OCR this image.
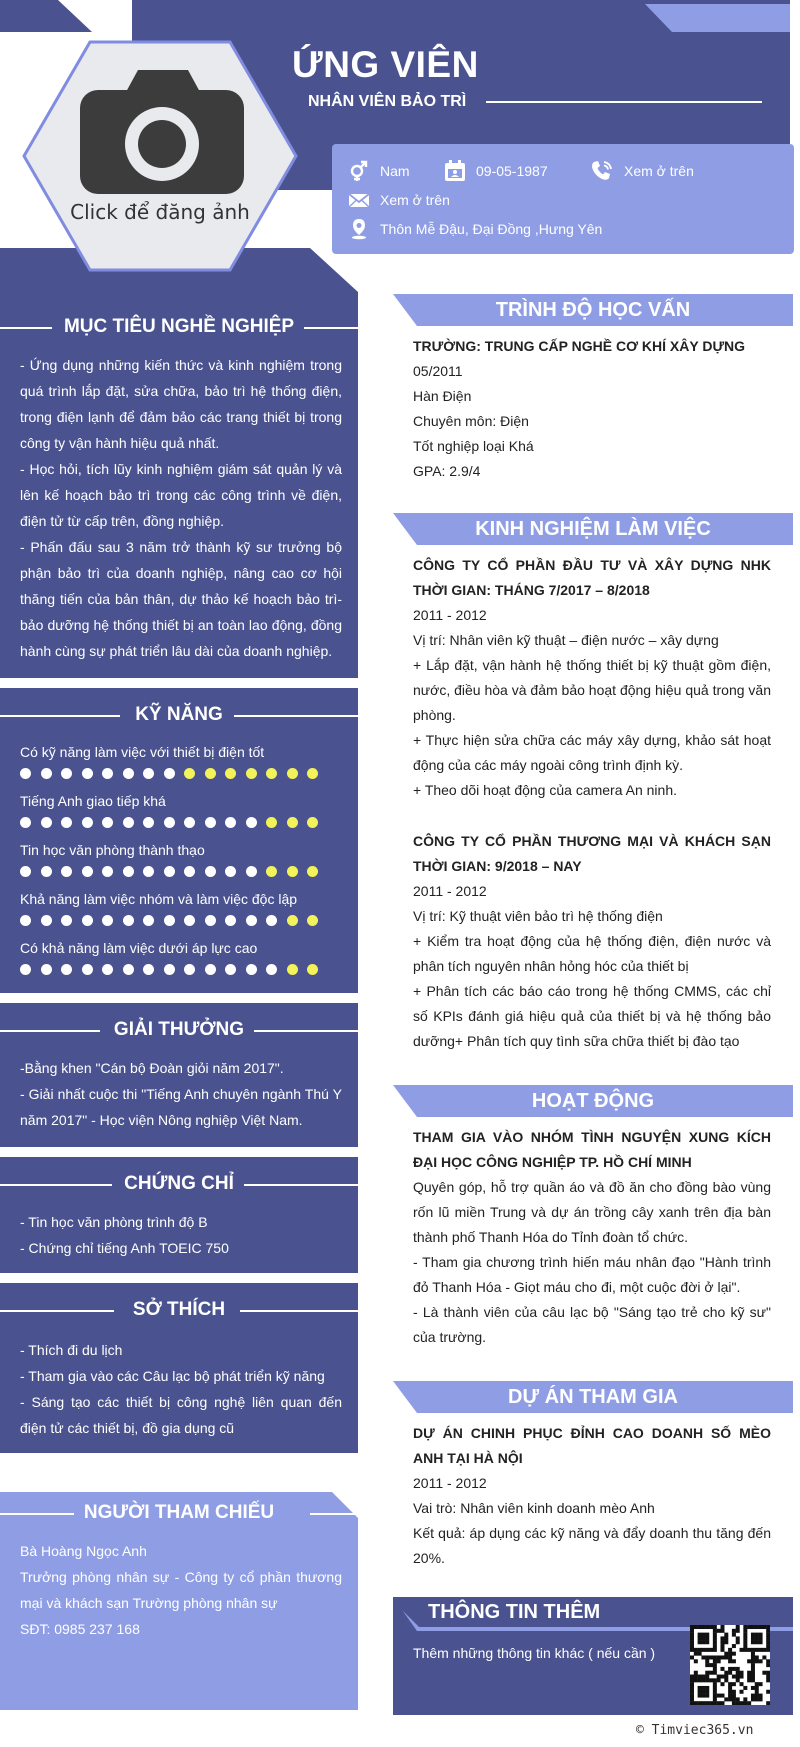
Click để đăng ảnh
ỨNG VIÊN
NHÂN VIÊN BẢO TRÌ
Nam	09-05-1987	Xem ở trên
Xem ở trên
Thôn Mễ Đậu, Đại Đồng ,Hưng Yên
MỤC TIÊU NGHỀ NGHIỆP
- Ứng dụng những kiến thức và kinh nghiệm trong quá trình lắp đặt, sửa chữa, bảo trì hệ thống điện, trong điện lạnh để đảm bảo các trang thiết bị trong công ty vận hành hiệu quả nhất.
- Học hỏi, tích lũy kinh nghiệm giám sát quản lý và lên kế hoạch bảo trì trong các công trình về điện, điện tử từ cấp trên, đồng nghiệp.
- Phấn đấu sau 3 năm trở thành kỹ sư trưởng bộ phận bảo trì của doanh nghiệp, nâng cao cơ hội thăng tiến của bản thân, dự thảo kế hoạch bảo trì- bảo dưỡng hệ thống thiết bị an toàn lao động, đồng hành cùng sự phát triển lâu dài của doanh nghiệp.
KỸ NĂNG
Có kỹ năng làm việc với thiết bị điện tốt
Tiếng Anh giao tiếp khá
Tin học văn phòng thành thạo
Khả năng làm việc nhóm và làm việc độc lập
Có khả năng làm việc dưới áp lực cao
GIẢI THƯỞNG
-Bằng khen "Cán bộ Đoàn giỏi năm 2017".
- Giải nhất cuộc thi "Tiếng Anh chuyên ngành Thú Y năm 2017" - Học viện Nông nghiệp Việt Nam.
CHỨNG CHỈ
- Tin học văn phòng trình độ B
- Chứng chỉ tiếng Anh TOEIC 750
SỞ THÍCH
- Thích đi du lịch
- Tham gia vào các Câu lạc bộ phát triển kỹ năng
- Sáng tạo các thiết bị công nghệ liên quan đến điện tử các thiết bị, đồ gia dụng cũ
NGƯỜI THAM CHIẾU
Bà Hoàng Ngọc Anh
Trưởng phòng nhân sự - Công ty cổ phần thương mại và khách sạn Trường phòng nhân sự
SĐT: 0985 237 168
TRÌNH ĐỘ HỌC VẤN
TRƯỜNG: TRUNG CẤP NGHỀ CƠ KHÍ XÂY DỰNG
05/2011
Hàn Điện
Chuyên môn: Điện
Tốt nghiệp loại Khá
GPA: 2.9/4
KINH NGHIỆM LÀM VIỆC
CÔNG TY CỔ PHẦN ĐẦU TƯ VÀ XÂY DỰNG NHK THỜI GIAN: THÁNG 7/2017 – 8/2018
2011 - 2012
Vị trí: Nhân viên kỹ thuật – điện nước – xây dựng
+ Lắp đặt, vận hành hệ thống thiết bị kỹ thuật gồm điện, nước, điều hòa và đảm bảo hoạt động hiệu quả trong văn phòng.
+ Thực hiện sửa chữa các máy xây dựng, khảo sát hoạt động của các máy ngoài công trình định kỳ.
+ Theo dõi hoạt động của camera An ninh.
CÔNG TY CỔ PHẦN THƯƠNG MẠI VÀ KHÁCH SẠN THỜI GIAN: 9/2018 – NAY
2011 - 2012
Vị trí: Kỹ thuật viên bảo trì hệ thống điện
+ Kiểm tra hoạt động của hệ thống điện, điện nước và phân tích nguyên nhân hỏng hóc của thiết bị
+ Phân tích các báo cáo trong hệ thống CMMS, các chỉ số KPIs đánh giá hiệu quả của thiết bị và hệ thống bảo dưỡng+ Phân tích quy tình sữa chữa thiết bị đào tạo
HOẠT ĐỘNG
THAM GIA VÀO NHÓM TÌNH NGUYỆN XUNG KÍCH ĐẠI HỌC CÔNG NGHIỆP TP. HỒ CHÍ MINH
Quyên góp, hỗ trợ quần áo và đồ ăn cho đồng bào vùng rốn lũ miền Trung và dự án trồng cây xanh trên địa bàn thành phố Thanh Hóa do Tỉnh đoàn tổ chức.
- Tham gia chương trình hiến máu nhân đạo "Hành trình đỏ Thanh Hóa - Giọt máu cho đi, một cuộc đời ở lại".
- Là thành viên của câu lạc bộ "Sáng tạo trẻ cho kỹ sư" của trường.
DỰ ÁN THAM GIA
DỰ ÁN CHINH PHỤC ĐỈNH CAO DOANH SỐ MÈO ANH TẠI HÀ NỘI
2011 - 2012
Vai trò: Nhân viên kinh doanh mèo Anh
Kết quả: áp dụng các kỹ năng và đẩy doanh thu tăng đến 20%.
THÔNG TIN THÊM
Thêm những thông tin khác ( nếu cần )
© Timviec365.vn
